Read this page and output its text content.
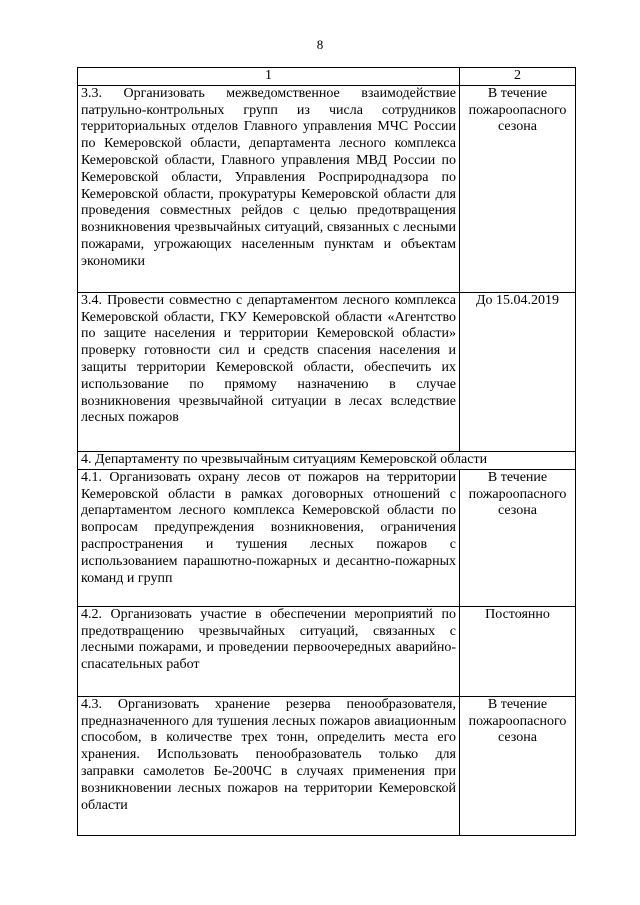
8
1	2
3.3. Организовать межведомственное взаимодействие патрульно-контрольных групп из числа сотрудников территориальных отделов Главного управления МЧС России по Кемеровской области, департамента лесного комплекса Кемеровской области, Главного управления МВД России по Кемеровской области, Управления Росприроднадзора по Кемеровской области, прокуратуры Кемеровской области для проведения совместных рейдов с целью предотвращения возникновения чрезвычайных ситуаций, связанных с лесными пожарами, угрожающих населенным пунктам и объектам экономики	В течение пожароопасного сезона
3.4. Провести совместно с департаментом лесного комплекса Кемеровской области, ГКУ Кемеровской области «Агентство по защите населения и территории Кемеровской области» проверку готовности сил и средств спасения населения и защиты территории Кемеровской области, обеспечить их использование по прямому назначению в случае возникновения чрезвычайной ситуации в лесах вследствие лесных пожаров	До 15.04.2019
4. Департаменту по чрезвычайным ситуациям Кемеровской области	
4.1. Организовать охрану лесов от пожаров на территории Кемеровской области в рамках договорных отношений с департаментом лесного комплекса Кемеровской области по вопросам предупреждения возникновения, ограничения распространения и тушения лесных пожаров с использованием парашютно-пожарных и десантно-пожарных команд и групп	В течение пожароопасного сезона
4.2. Организовать участие в обеспечении мероприятий по предотвращению чрезвычайных ситуаций, связанных с лесными пожарами, и проведении первоочередных аварийно-спасательных работ	Постоянно
4.3. Организовать хранение резерва пенообразователя, предназначенного для тушения лесных пожаров авиационным способом, в количестве трех тонн, определить места его хранения. Использовать пенообразователь только для заправки самолетов Бе-200ЧС в случаях применения при возникновении лесных пожаров на территории Кемеровской области	В течение пожароопасного сезона
